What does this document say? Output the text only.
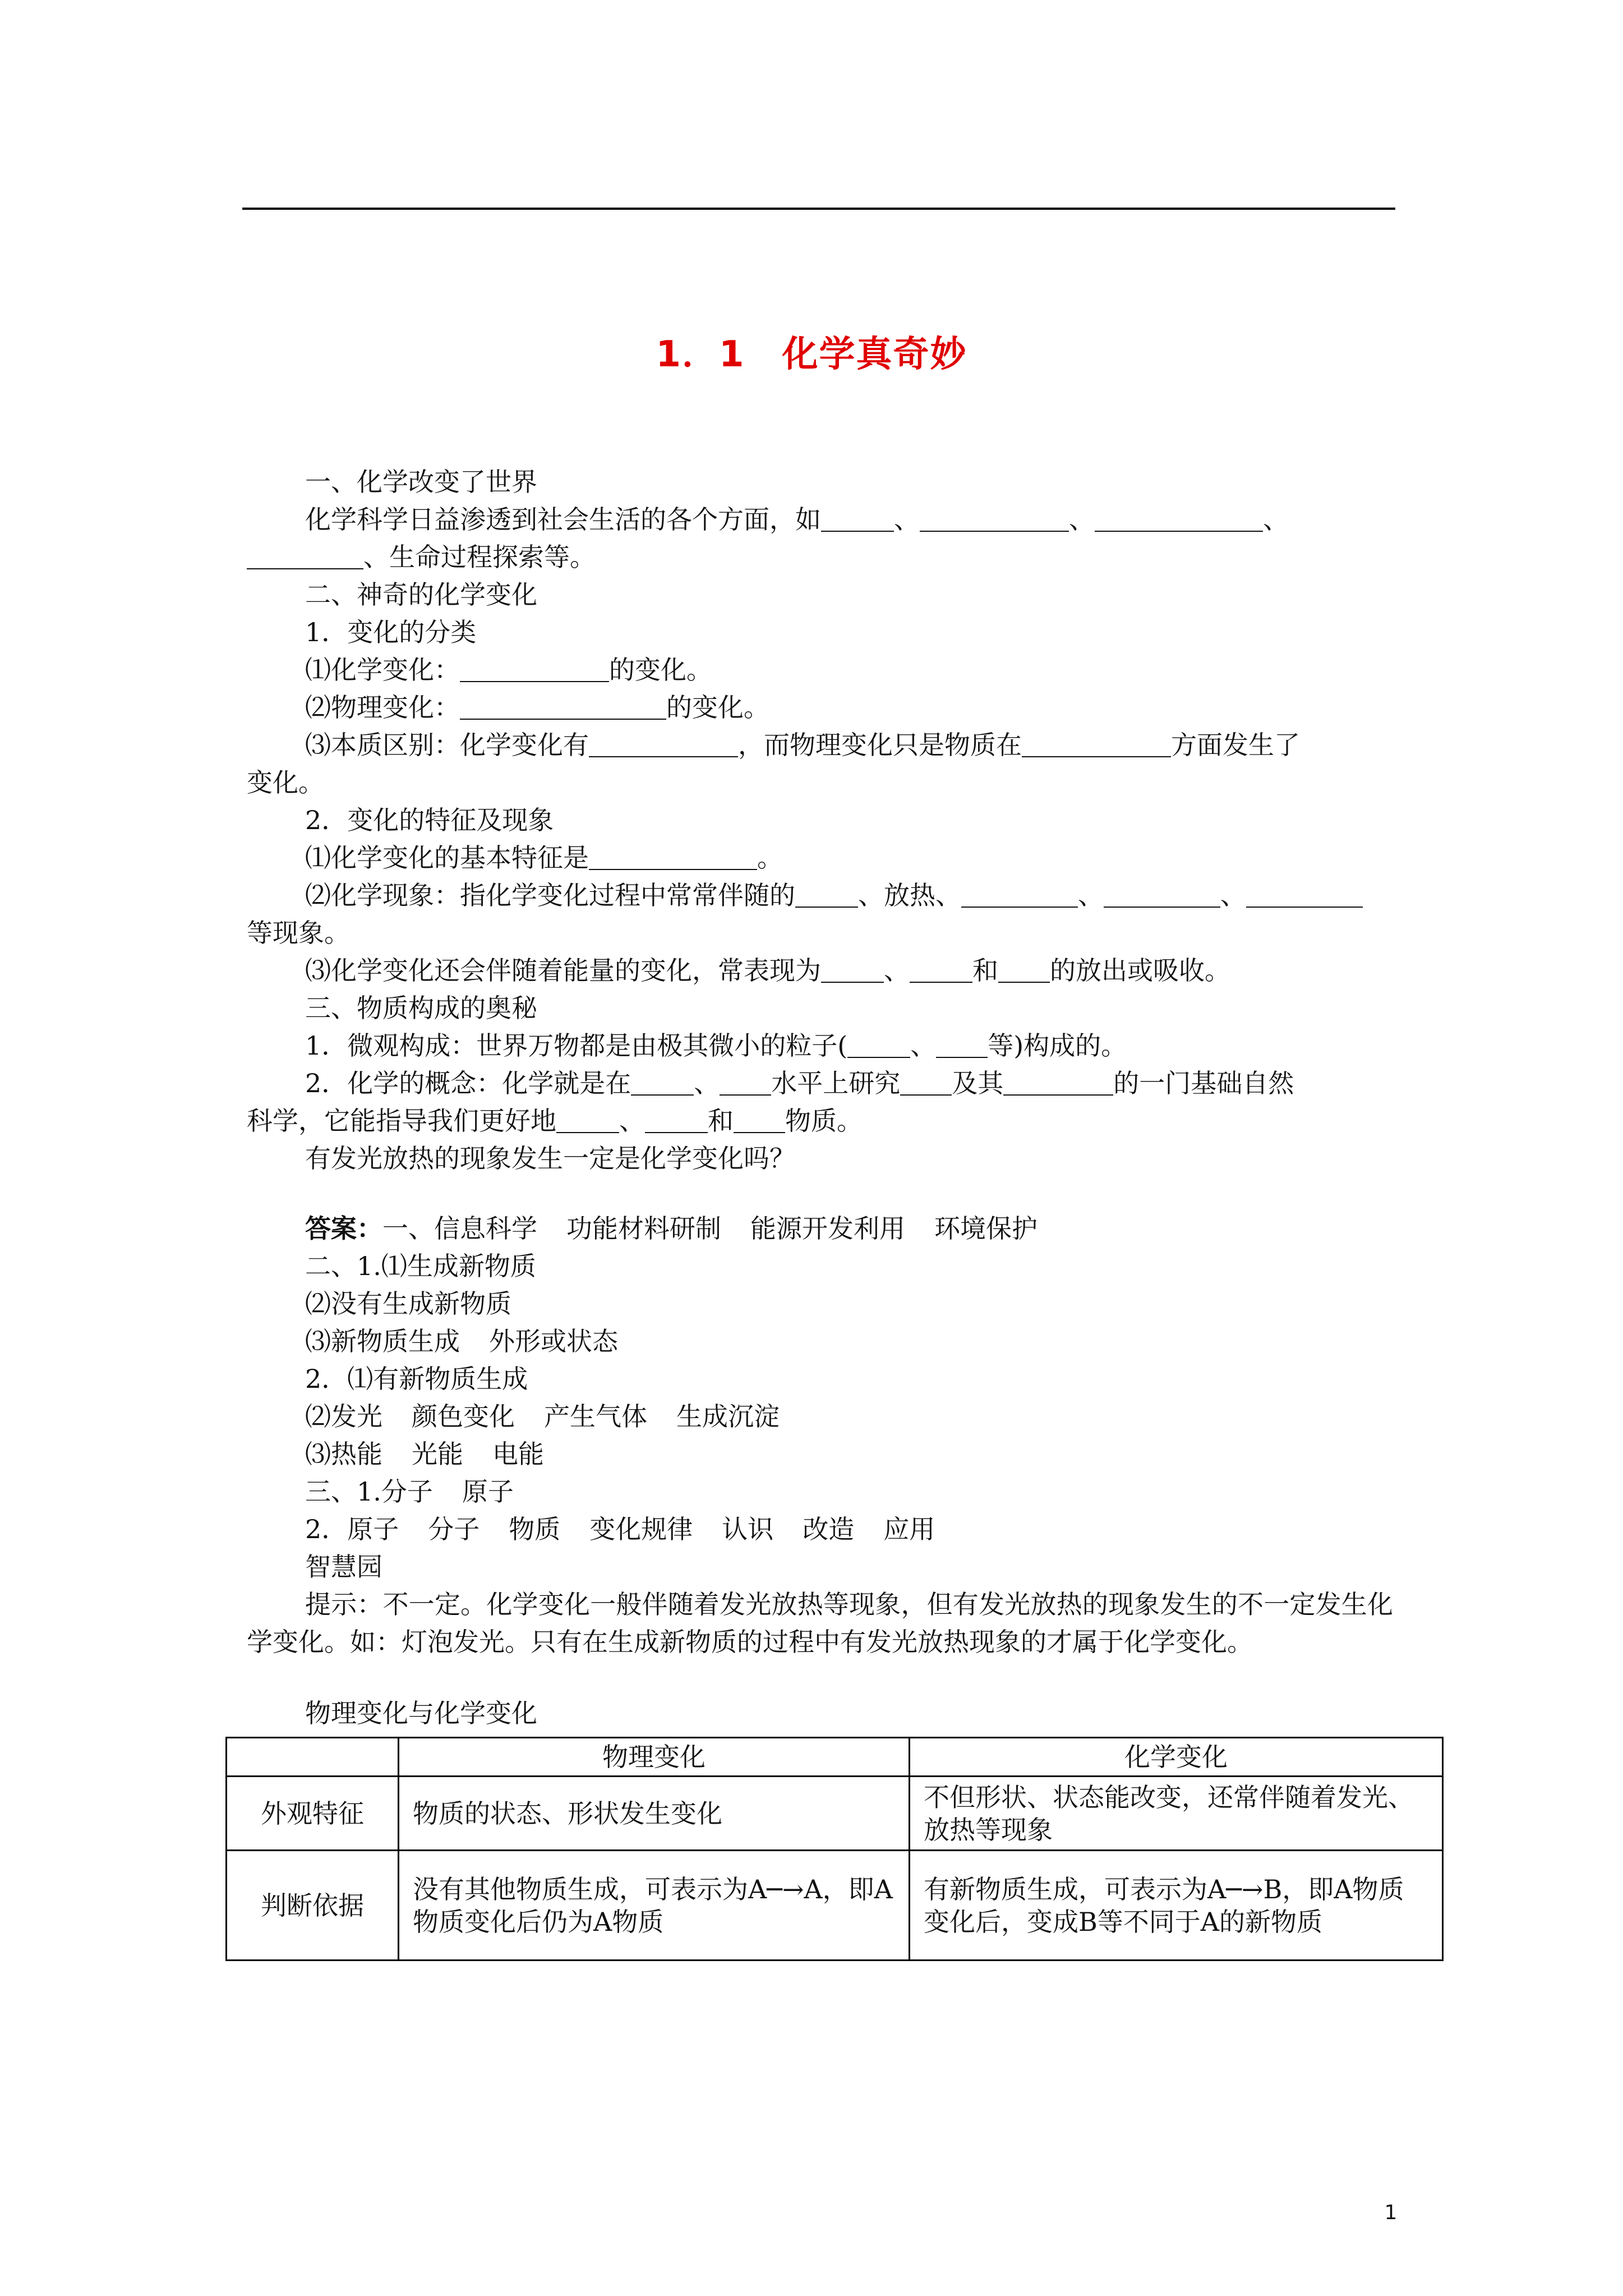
1．1　化学真奇妙
一、化学改变了世界
化学科学日益渗透到社会生活的各个方面，如	、	、	、
、生命过程探索等。
二、神奇的化学变化
1．变化的分类
⑴化学变化：	的变化。
⑵物理变化：	的变化。
⑶本质区别：化学变化有	，而物理变化只是物质在	方面发生了
变化。
2．变化的特征及现象
⑴化学变化的基本特征是	。
⑵化学现象：指化学变化过程中常常伴随的 、放热、	、	、
等现象。
⑶化学变化还会伴随着能量的变化，常表现为 、 和 的放出或吸收。
三、物质构成的奥秘
1．微观构成：世界万物都是由极其微小的粒子( 、 等)构成的。
2．化学的概念：化学就是在 、 水平上研究 及其	的一门基础自然
科学，它能指导我们更好地 、 和 物质。
有发光放热的现象发生一定是化学变化吗？
答案：一、信息科学 功能材料研制 能源开发利用 环境保护
二、1.⑴生成新物质
⑵没有生成新物质
⑶新物质生成 外形或状态
2．⑴有新物质生成
⑵发光 颜色变化 产生气体 生成沉淀
⑶热能 光能 电能
三、1.分子 原子
2．原子 分子 物质 变化规律 认识 改造 应用
智慧园
提示：不一定。化学变化一般伴随着发光放热等现象，但有发光放热的现象发生的不一定发生化学变化。如：灯泡发光。只有在生成新物质的过程中有发光放热现象的才属于化学变化。
物理变化与化学变化
	物理变化	化学变化
外观特征	物质的状态、形状发生变化	不但形状、状态能改变，还常伴随着发光、放热等现象
判断依据	没有其他物质生成，可表示为A─→A，即A物质变化后仍为A物质	有新物质生成，可表示为A─→B，即A物质变化后，变成B等不同于A的新物质
1
